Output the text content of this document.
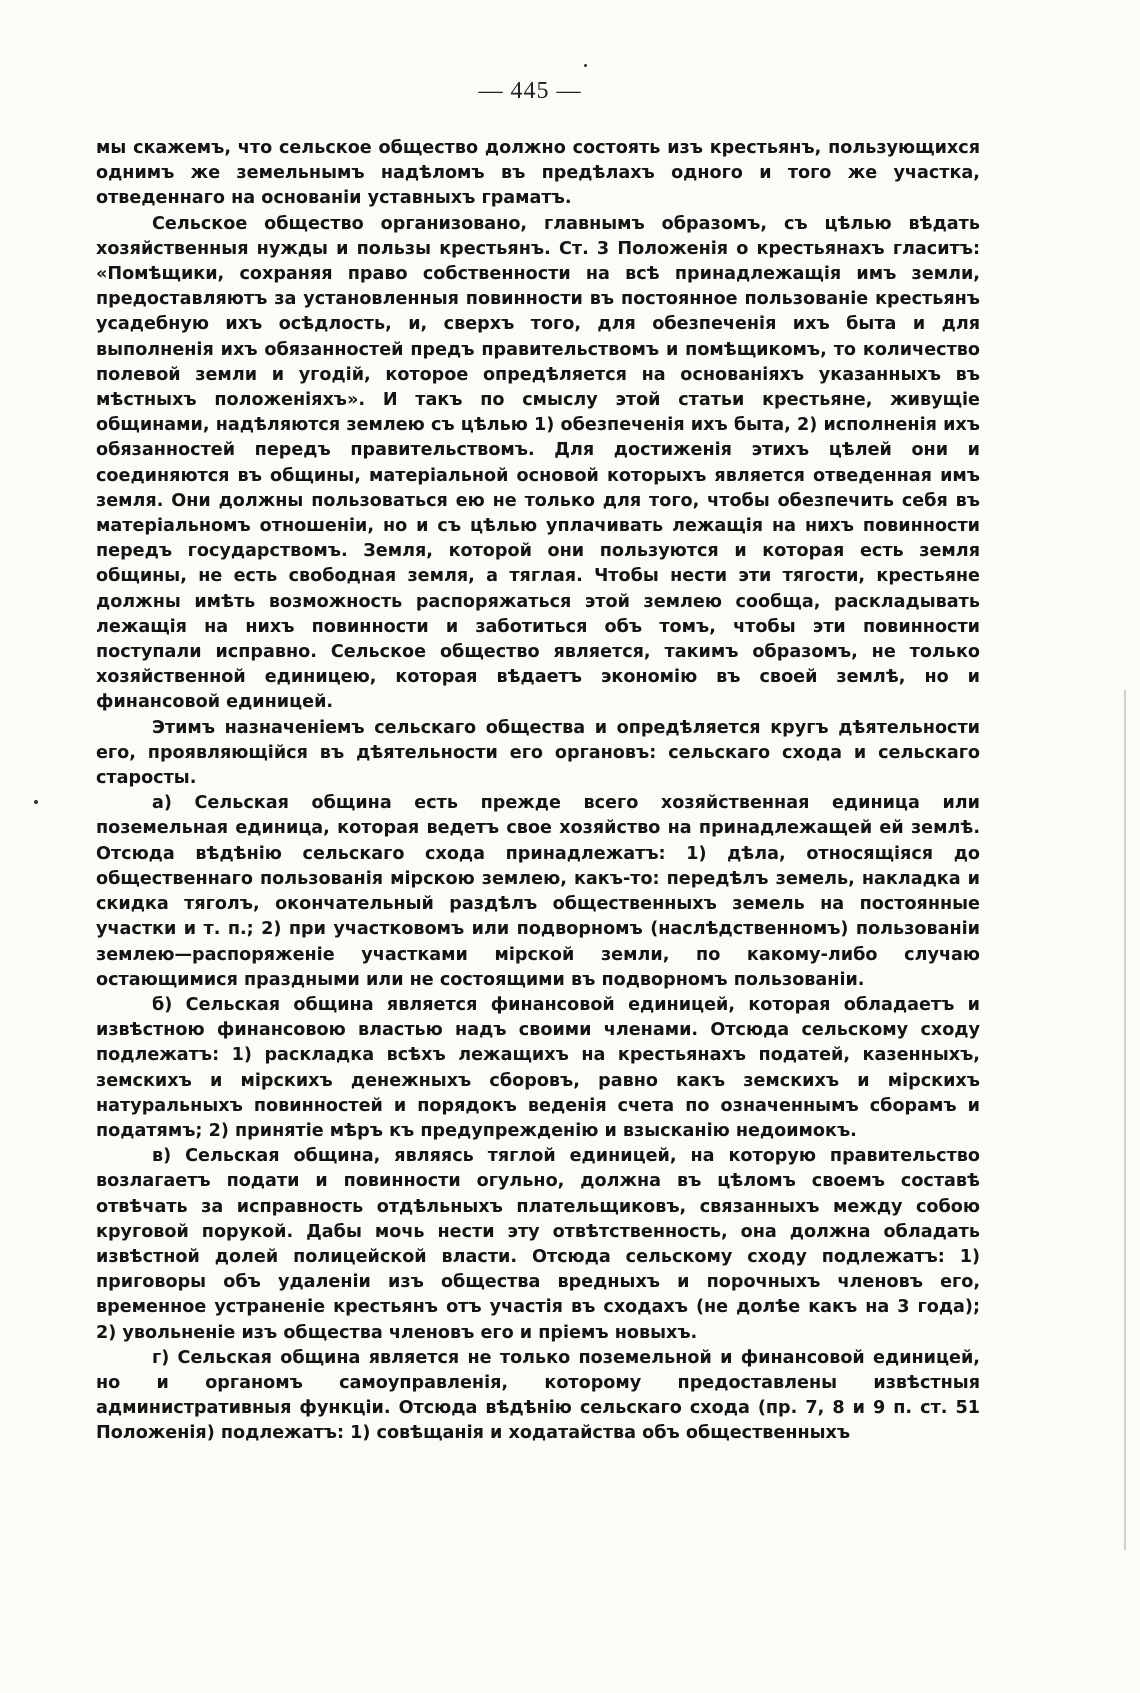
— 445 —

мы скажемъ, что сельское общество должно состоять изъ крестьянъ, пользующихся однимъ же земельнымъ надѣломъ въ предѣлахъ одного и того же участка, отведеннаго на основаніи уставныхъ граматъ.

Сельское общество организовано, главнымъ образомъ, съ цѣлью вѣдать хозяйственныя нужды и пользы крестьянъ. Ст. 3 Положенія о крестьянахъ гласитъ: «Помѣщики, сохраняя право собственности на всѣ принадлежащія имъ земли, предоставляютъ за установленныя повинности въ постоянное пользованіе крестьянъ усадебную ихъ осѣдлость, и, сверхъ того, для обезпеченія ихъ быта и для выполненія ихъ обязанностей предъ правительствомъ и помѣщикомъ, то количество полевой земли и угодій, которое опредѣляется на основаніяхъ указанныхъ въ мѣстныхъ положеніяхъ». И такъ по смыслу этой статьи крестьяне, живущіе общинами, надѣляются землею съ цѣлью 1) обезпеченія ихъ быта, 2) исполненія ихъ обязанностей передъ правительствомъ. Для достиженія этихъ цѣлей они и соединяются въ общины, матеріальной основой которыхъ является отведенная имъ земля. Они должны пользоваться ею не только для того, чтобы обезпечить себя въ матеріальномъ отношеніи, но и съ цѣлью уплачивать лежащія на нихъ повинности передъ государствомъ. Земля, которой они пользуются и которая есть земля общины, не есть свободная земля, а тяглая. Чтобы нести эти тягости, крестьяне должны имѣть возможность распоряжаться этой землею сообща, раскладывать лежащія на нихъ повинности и заботиться объ томъ, чтобы эти повинности поступали исправно. Сельское общество является, такимъ образомъ, не только хозяйственной единицею, которая вѣдаетъ экономію въ своей землѣ, но и финансовой единицей.

Этимъ назначеніемъ сельскаго общества и опредѣляется кругъ дѣятельности его, проявляющійся въ дѣятельности его органовъ: сельскаго схода и сельскаго старосты.

а) Сельская община есть прежде всего хозяйственная единица или поземельная единица, которая ведетъ свое хозяйство на принадлежащей ей землѣ. Отсюда вѣдѣнію сельскаго схода принадлежатъ: 1) дѣла, относящіяся до общественнаго пользованія мірскою землею, какъ-то: передѣлъ земель, накладка и скидка тяголъ, окончательный раздѣлъ общественныхъ земель на постоянные участки и т. п.; 2) при участковомъ или подворномъ (наслѣдственномъ) пользованіи землею—распоряженіе участками мірской земли, по какому-либо случаю остающимися праздными или не состоящими въ подворномъ пользованіи.

б) Сельская община является финансовой единицей, которая обладаетъ и извѣстною финансовою властью надъ своими членами. Отсюда сельскому сходу подлежатъ: 1) раскладка всѣхъ лежащихъ на крестьянахъ податей, казенныхъ, земскихъ и мірскихъ денежныхъ сборовъ, равно какъ земскихъ и мірскихъ натуральныхъ повинностей и порядокъ веденія счета по означеннымъ сборамъ и податямъ; 2) принятіе мѣръ къ предупрежденію и взысканію недоимокъ.

в) Сельская община, являясь тяглой единицей, на которую правительство возлагаетъ подати и повинности огульно, должна въ цѣломъ своемъ составѣ отвѣчать за исправность отдѣльныхъ плательщиковъ, связанныхъ между собою круговой порукой. Дабы мочь нести эту отвѣтственность, она должна обладать извѣстной долей полицейской власти. Отсюда сельскому сходу подлежатъ: 1) приговоры объ удаленіи изъ общества вредныхъ и порочныхъ членовъ его, временное устраненіе крестьянъ отъ участія въ сходахъ (не долѣе какъ на 3 года); 2) увольненіе изъ общества членовъ его и пріемъ новыхъ.

г) Сельская община является не только поземельной и финансовой единицей, но и органомъ самоуправленія, которому предоставлены извѣстныя административныя функціи. Отсюда вѣдѣнію сельскаго схода (пр. 7, 8 и 9 п. ст. 51 Положенія) подлежатъ: 1) совѣщанія и ходатайства объ общественныхъ
